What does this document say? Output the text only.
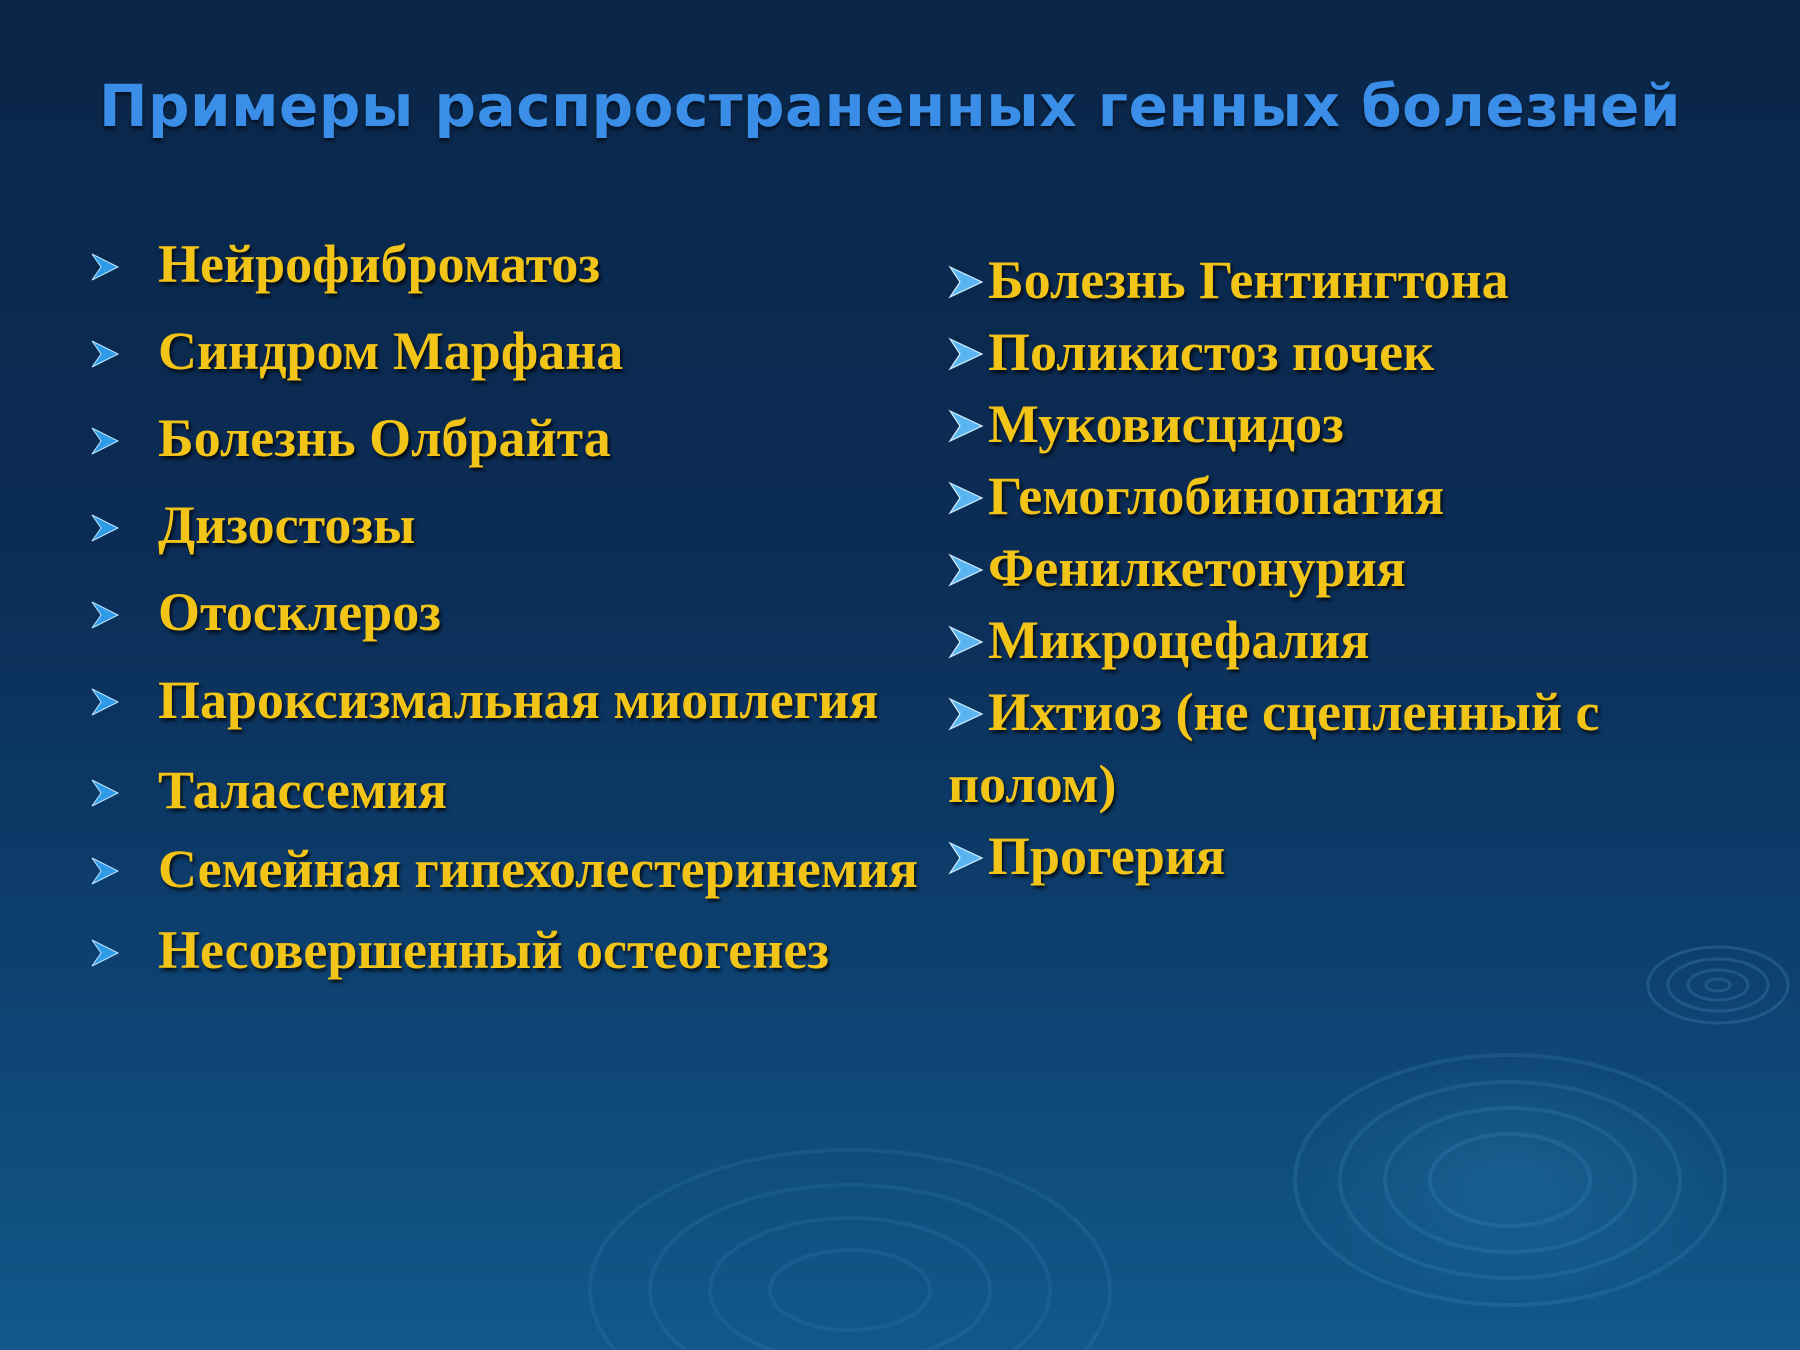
Примеры распространенных генных болезней
Нейрофиброматоз
Синдром Марфана
Болезнь Олбрайта
Дизостозы
Отосклероз
Пароксизмальная миоплегия
Талассемия
Семейная гипехолестеринемия
Несовершенный остеогенез
Болезнь Гентингтона
Поликистоз почек
Муковисцидоз
Гемоглобинопатия
Фенилкетонурия
Микроцефалия
Ихтиоз (не сцепленный с полом)
Прогерия
